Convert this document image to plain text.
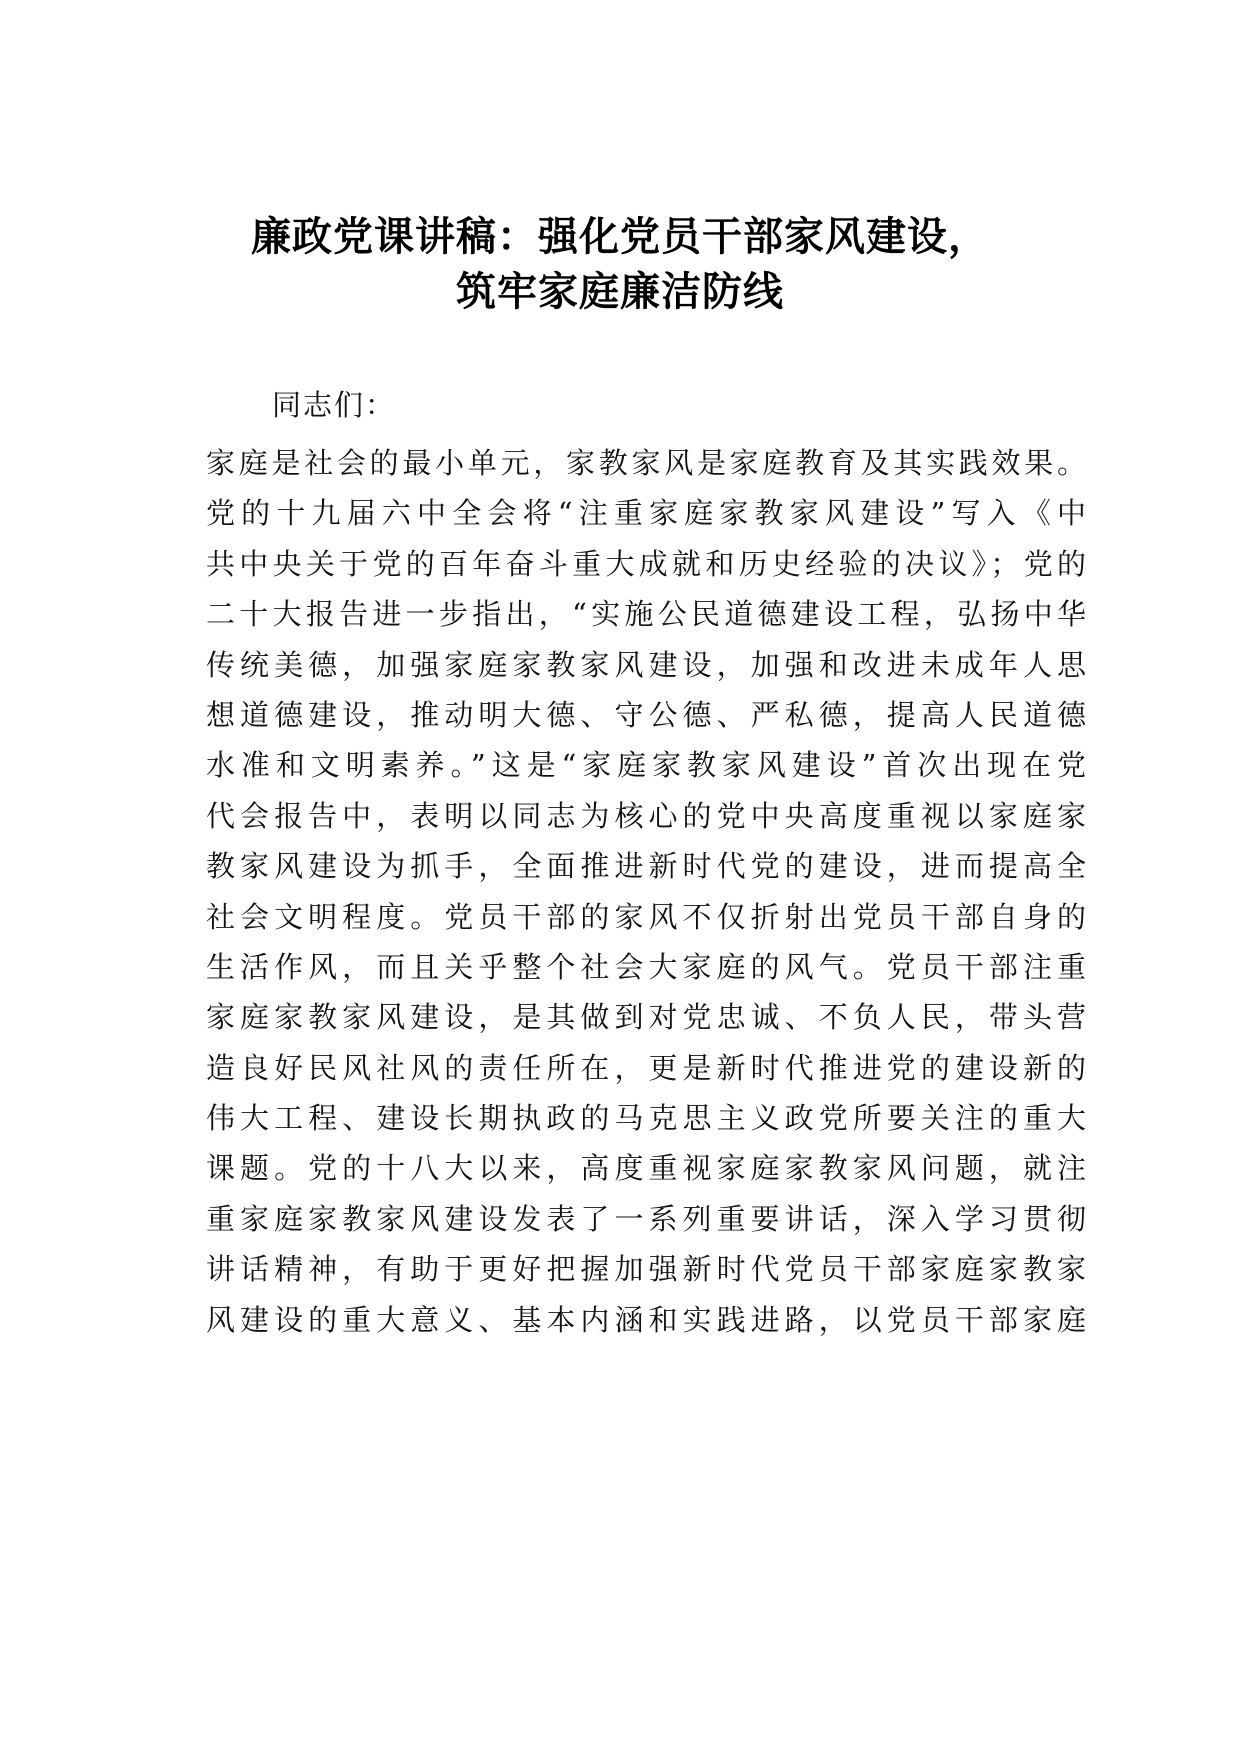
廉政党课讲稿：强化党员干部家风建设，
筑牢家庭廉洁防线
同志们：
家庭是社会的最小单元，家教家风是家庭教育及其实践效果。
党的十九届六中全会将“注重家庭家教家风建设”写入《中
共中央关于党的百年奋斗重大成就和历史经验的决议》；党的
二十大报告进一步指出，“实施公民道德建设工程，弘扬中华
传统美德，加强家庭家教家风建设，加强和改进未成年人思
想道德建设，推动明大德、守公德、严私德，提高人民道德
水准和文明素养。”这是“家庭家教家风建设”首次出现在党
代会报告中，表明以同志为核心的党中央高度重视以家庭家
教家风建设为抓手，全面推进新时代党的建设，进而提高全
社会文明程度。党员干部的家风不仅折射出党员干部自身的
生活作风，而且关乎整个社会大家庭的风气。党员干部注重
家庭家教家风建设，是其做到对党忠诚、不负人民，带头营
造良好民风社风的责任所在，更是新时代推进党的建设新的
伟大工程、建设长期执政的马克思主义政党所要关注的重大
课题。党的十八大以来，高度重视家庭家教家风问题，就注
重家庭家教家风建设发表了一系列重要讲话，深入学习贯彻
讲话精神，有助于更好把握加强新时代党员干部家庭家教家
风建设的重大意义、基本内涵和实践进路，以党员干部家庭
